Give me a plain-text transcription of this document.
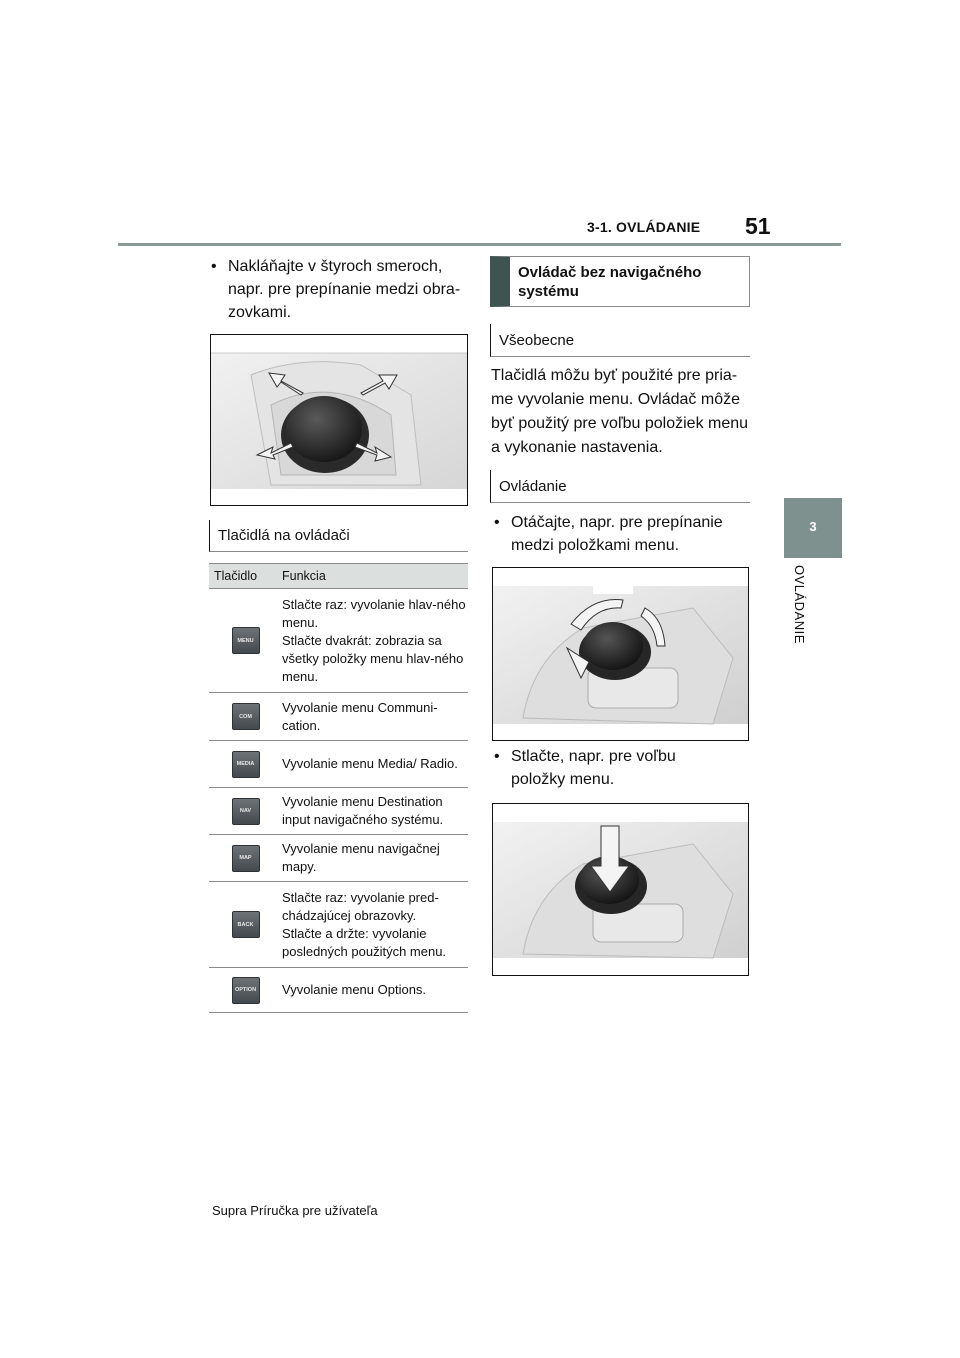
3-1. OVLÁDANIE 51
3
OVLÁDANIE
• Nakláňajte v štyroch smeroch, napr. pre prepínanie medzi obra-zovkami.
Tlačidlá na ovládači
Tlačidlo	Funkcia
MENU
Stlačte raz: vyvolanie hlav-ného menu.
Stlačte dvakrát: zobrazia sa všetky položky menu hlav-ného menu.
COM
Vyvolanie menu Communi-cation.
MEDIA	Vyvolanie menu Media/ Radio.
NAV
Vyvolanie menu Destination input navigačného systému.
MAP
Vyvolanie menu navigačnej mapy.
BACK
Stlačte raz: vyvolanie pred-chádzajúcej obrazovky.
Stlačte a držte: vyvolanie posledných použitých menu.
OPTION Vyvolanie menu Options.
Ovládač bez navigačného
systému
Všeobecne
Tlačidlá môžu byť použité pre pria-me vyvolanie menu. Ovládač môže byť použitý pre voľbu položiek menu a vykonanie nastavenia.
Ovládanie
• Otáčajte, napr. pre prepínanie medzi položkami menu.
• Stlačte, napr. pre voľbu položky menu.
Supra Príručka pre užívateľa
